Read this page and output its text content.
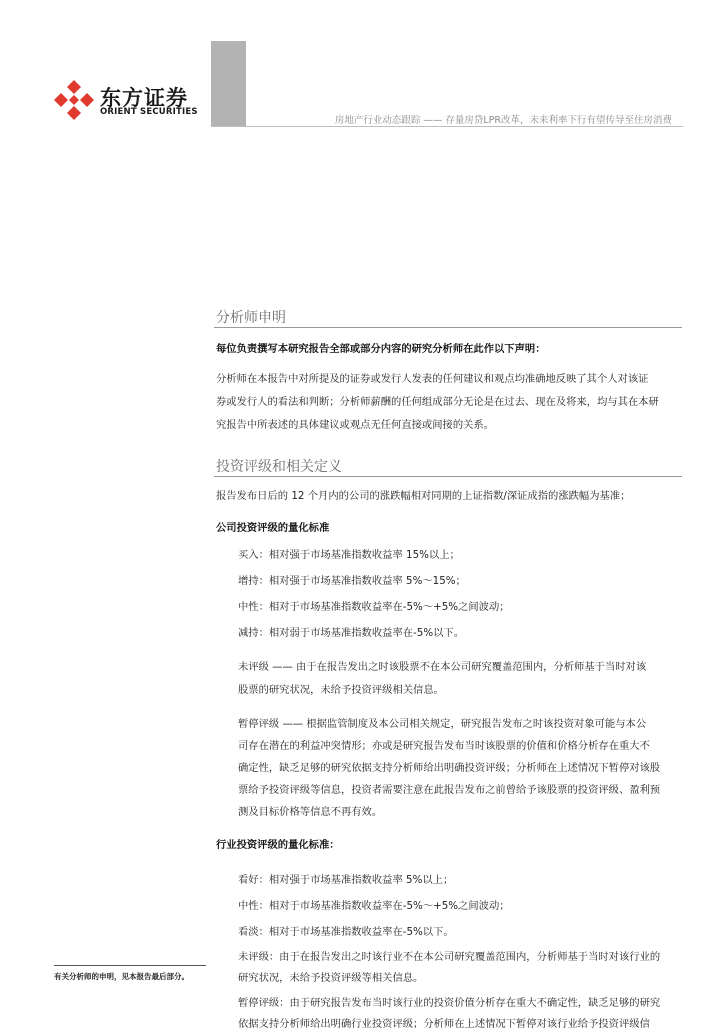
东方证券
ORIENT SECURITIES
房地产行业动态跟踪 —— 存量房贷LPR改革，未来利率下行有望传导至住房消费
分析师申明
每位负责撰写本研究报告全部或部分内容的研究分析师在此作以下声明：
分析师在本报告中对所提及的证券或发行人发表的任何建议和观点均准确地反映了其个人对该证
券或发行人的看法和判断；分析师薪酬的任何组成部分无论是在过去、现在及将来，均与其在本研
究报告中所表述的具体建议或观点无任何直接或间接的关系。
投资评级和相关定义
报告发布日后的 12 个月内的公司的涨跌幅相对同期的上证指数/深证成指的涨跌幅为基准；
公司投资评级的量化标准
买入：相对强于市场基准指数收益率 15%以上；
增持：相对强于市场基准指数收益率 5%～15%；
中性：相对于市场基准指数收益率在-5%～+5%之间波动；
减持：相对弱于市场基准指数收益率在-5%以下。
未评级 —— 由于在报告发出之时该股票不在本公司研究覆盖范围内，分析师基于当时对该
股票的研究状况，未给予投资评级相关信息。
暂停评级 —— 根据监管制度及本公司相关规定，研究报告发布之时该投资对象可能与本公
司存在潜在的利益冲突情形；亦或是研究报告发布当时该股票的价值和价格分析存在重大不
确定性，缺乏足够的研究依据支持分析师给出明确投资评级；分析师在上述情况下暂停对该股
票给予投资评级等信息，投资者需要注意在此报告发布之前曾给予该股票的投资评级、盈利预
测及目标价格等信息不再有效。
行业投资评级的量化标准：
看好：相对强于市场基准指数收益率 5%以上；
中性：相对于市场基准指数收益率在-5%～+5%之间波动；
看淡：相对于市场基准指数收益率在-5%以下。
未评级：由于在报告发出之时该行业不在本公司研究覆盖范围内，分析师基于当时对该行业的
研究状况，未给予投资评级等相关信息。
暂停评级：由于研究报告发布当时该行业的投资价值分析存在重大不确定性，缺乏足够的研究
依据支持分析师给出明确行业投资评级；分析师在上述情况下暂停对该行业给予投资评级信
有关分析师的申明，见本报告最后部分。
